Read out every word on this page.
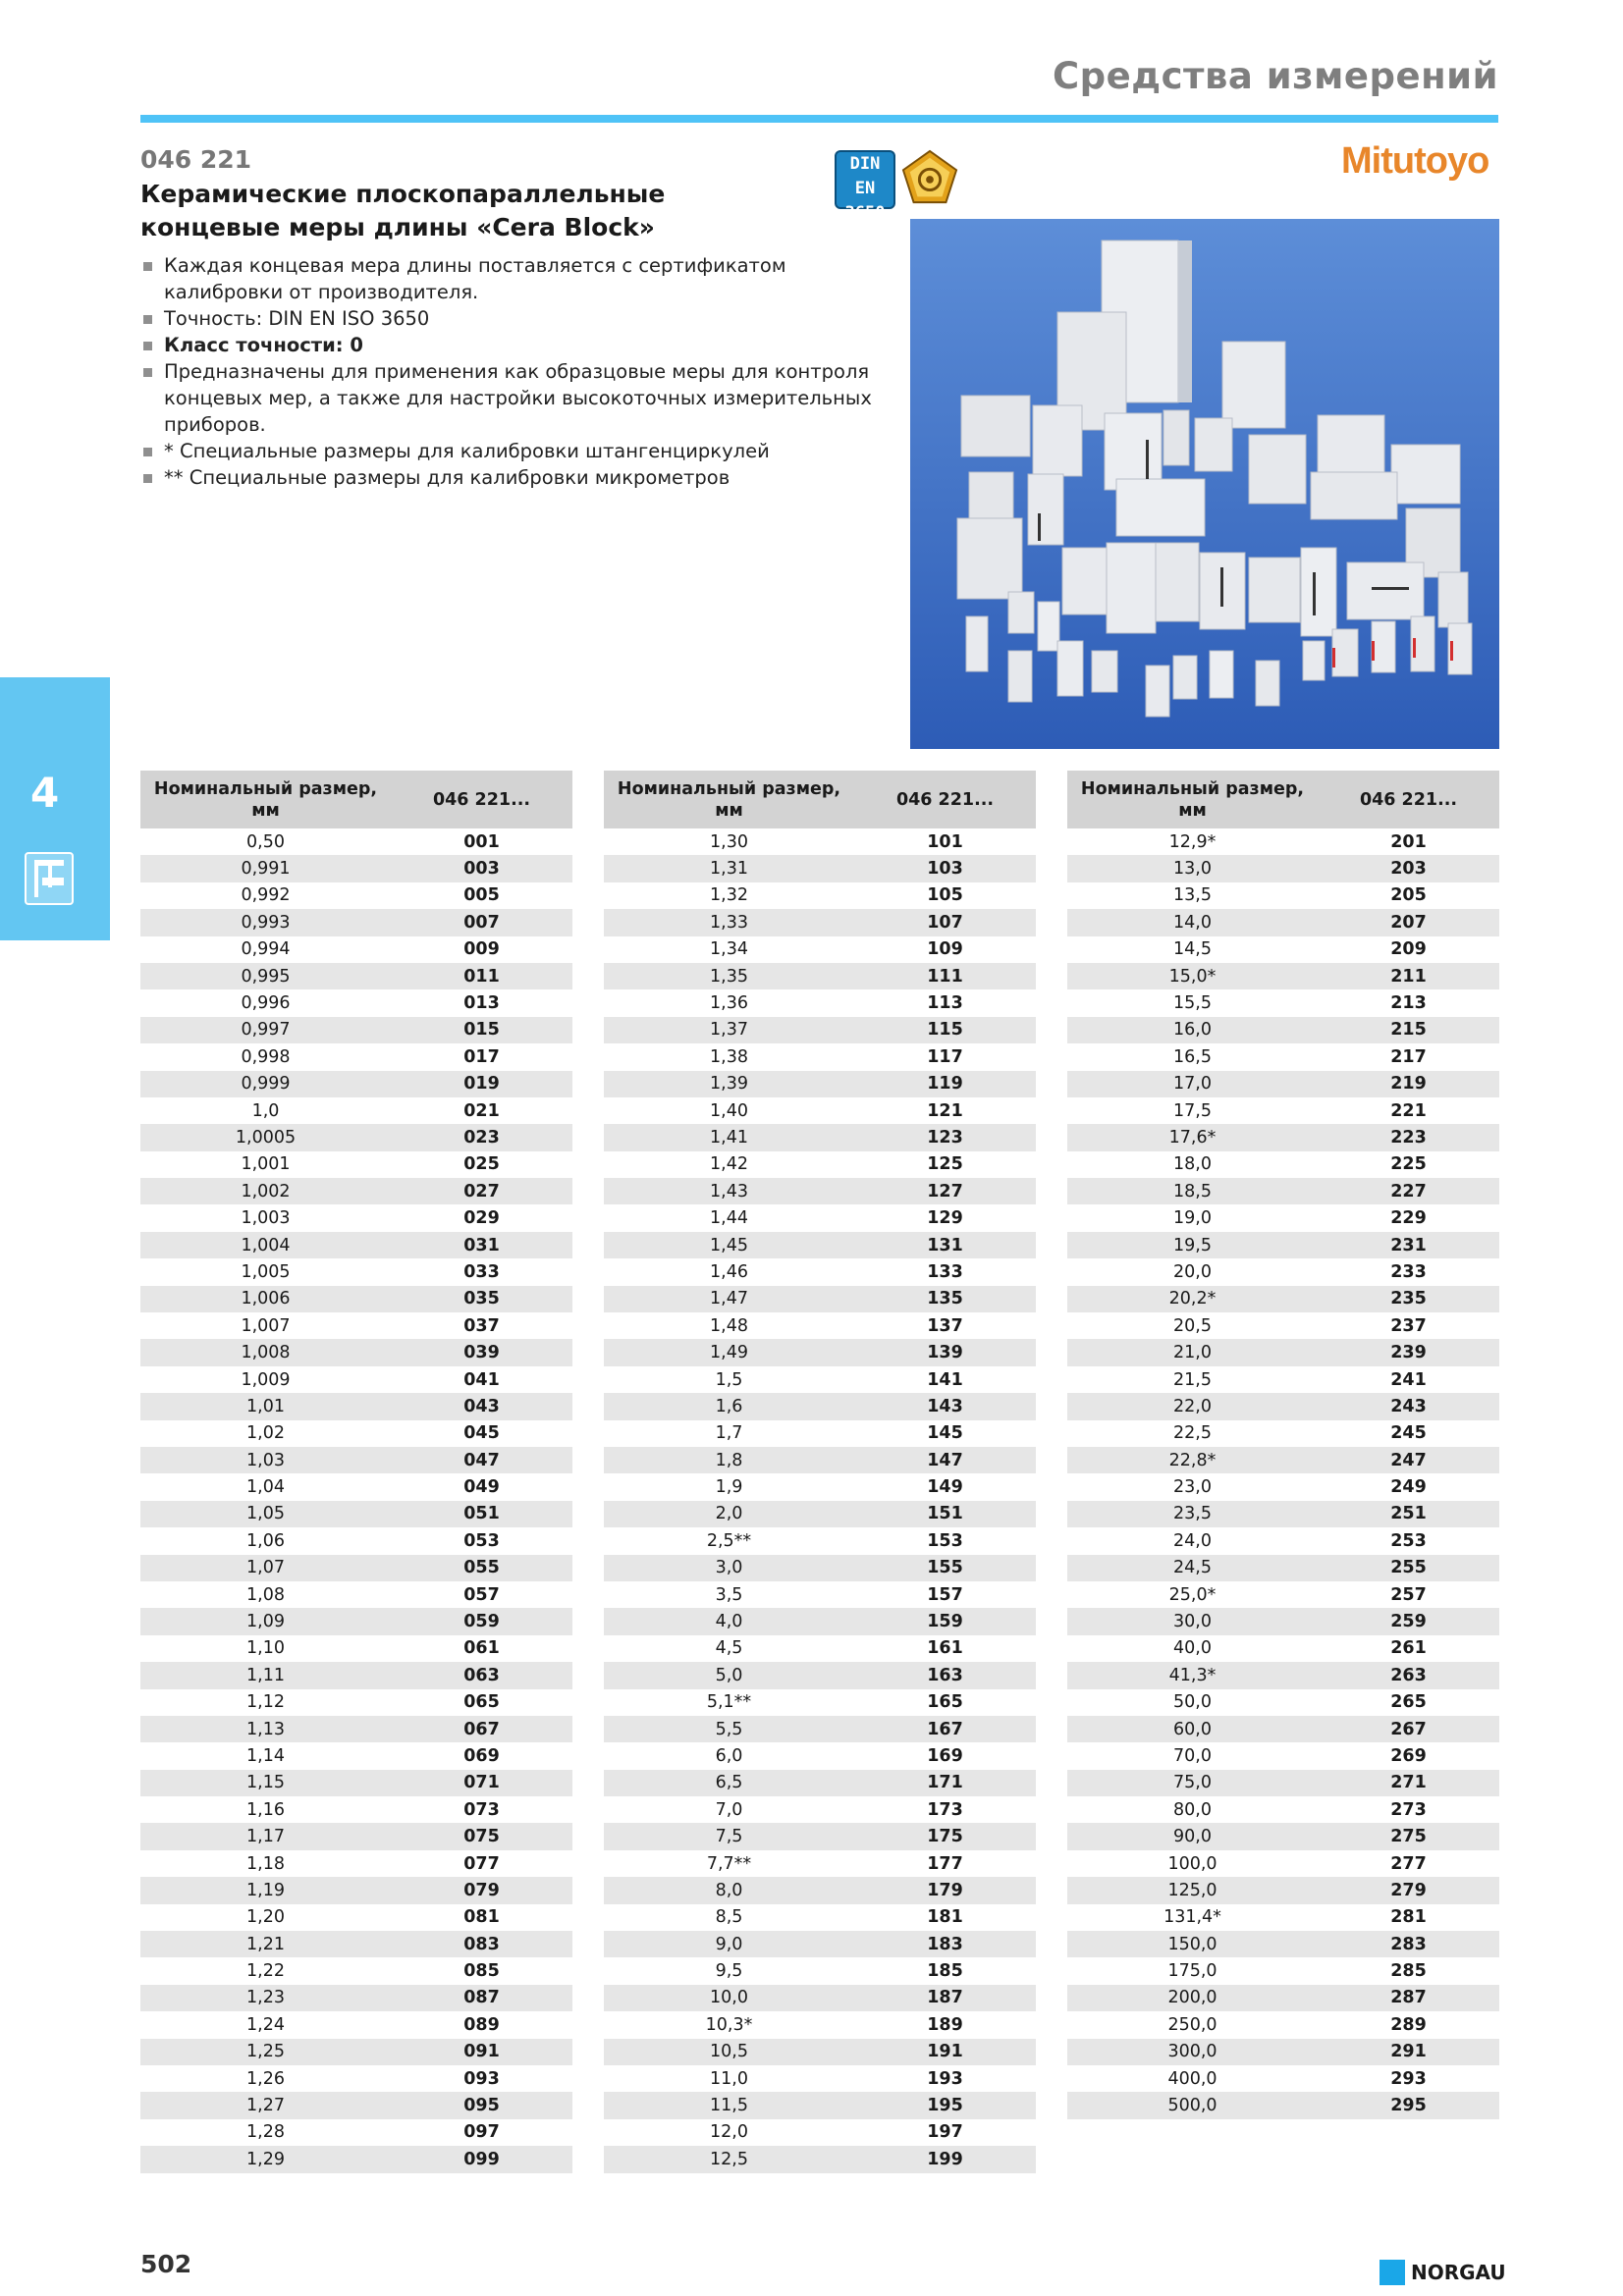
Средства измерений
046 221
Керамические плоскопараллельные концевые меры длины «Cera Block»
Каждая концевая мера длины поставляется с сертификатом калибровки от производителя.
Точность: DIN EN ISO 3650
Класс точности: 0
Предназначены для применения как образцовые меры для контроля концевых мер, а также для настройки высокоточных измерительных приборов.
* Специальные размеры для калибровки штангенциркулей
** Специальные размеры для калибровки микрометров
DIN EN
3650
Mitutoyo
4	Номинальный размер, мм	046 221...
0,50	001
0,991	003
0,992	005
0,993	007
0,994	009
0,995	011
0,996	013
0,997	015
0,998	017
0,999	019
1,0	021
1,0005	023
1,001	025
1,002	027
1,003	029
1,004	031
1,005	033
1,006	035
1,007	037
1,008	039
1,009	041
1,01	043
1,02	045
1,03	047
1,04	049
1,05	051
1,06	053
1,07	055
1,08	057
1,09	059
1,10	061
1,11	063
1,12	065
1,13	067
1,14	069
1,15	071
1,16	073
1,17	075
1,18	077
1,19	079
1,20	081
1,21	083
1,22	085
1,23	087
1,24	089
1,25	091
1,26	093
1,27	095
1,28	097
1,29	099
Номинальный размер, мм	046 221...
1,30	101
1,31	103
1,32	105
1,33	107
1,34	109
1,35	111
1,36	113
1,37	115
1,38	117
1,39	119
1,40	121
1,41	123
1,42	125
1,43	127
1,44	129
1,45	131
1,46	133
1,47	135
1,48	137
1,49	139
1,5	141
1,6	143
1,7	145
1,8	147
1,9	149
2,0	151
2,5**	153
3,0	155
3,5	157
4,0	159
4,5	161
5,0	163
5,1**	165
5,5	167
6,0	169
6,5	171
7,0	173
7,5	175
7,7**	177
8,0	179
8,5	181
9,0	183
9,5	185
10,0	187
10,3*	189
10,5	191
11,0	193
11,5	195
12,0	197
12,5	199
Номинальный размер, мм	046 221...
12,9*	201
13,0	203
13,5	205
14,0	207
14,5	209
15,0*	211
15,5	213
16,0	215
16,5	217
17,0	219
17,5	221
17,6*	223
18,0	225
18,5	227
19,0	229
19,5	231
20,0	233
20,2*	235
20,5	237
21,0	239
21,5	241
22,0	243
22,5	245
22,8*	247
23,0	249
23,5	251
24,0	253
24,5	255
25,0*	257
30,0	259
40,0	261
41,3*	263
50,0	265
60,0	267
70,0	269
75,0	271
80,0	273
90,0	275
100,0	277
125,0	279
131,4*	281
150,0	283
175,0	285
200,0	287
250,0	289
300,0	291
400,0	293
500,0	295
502	NORGAU
